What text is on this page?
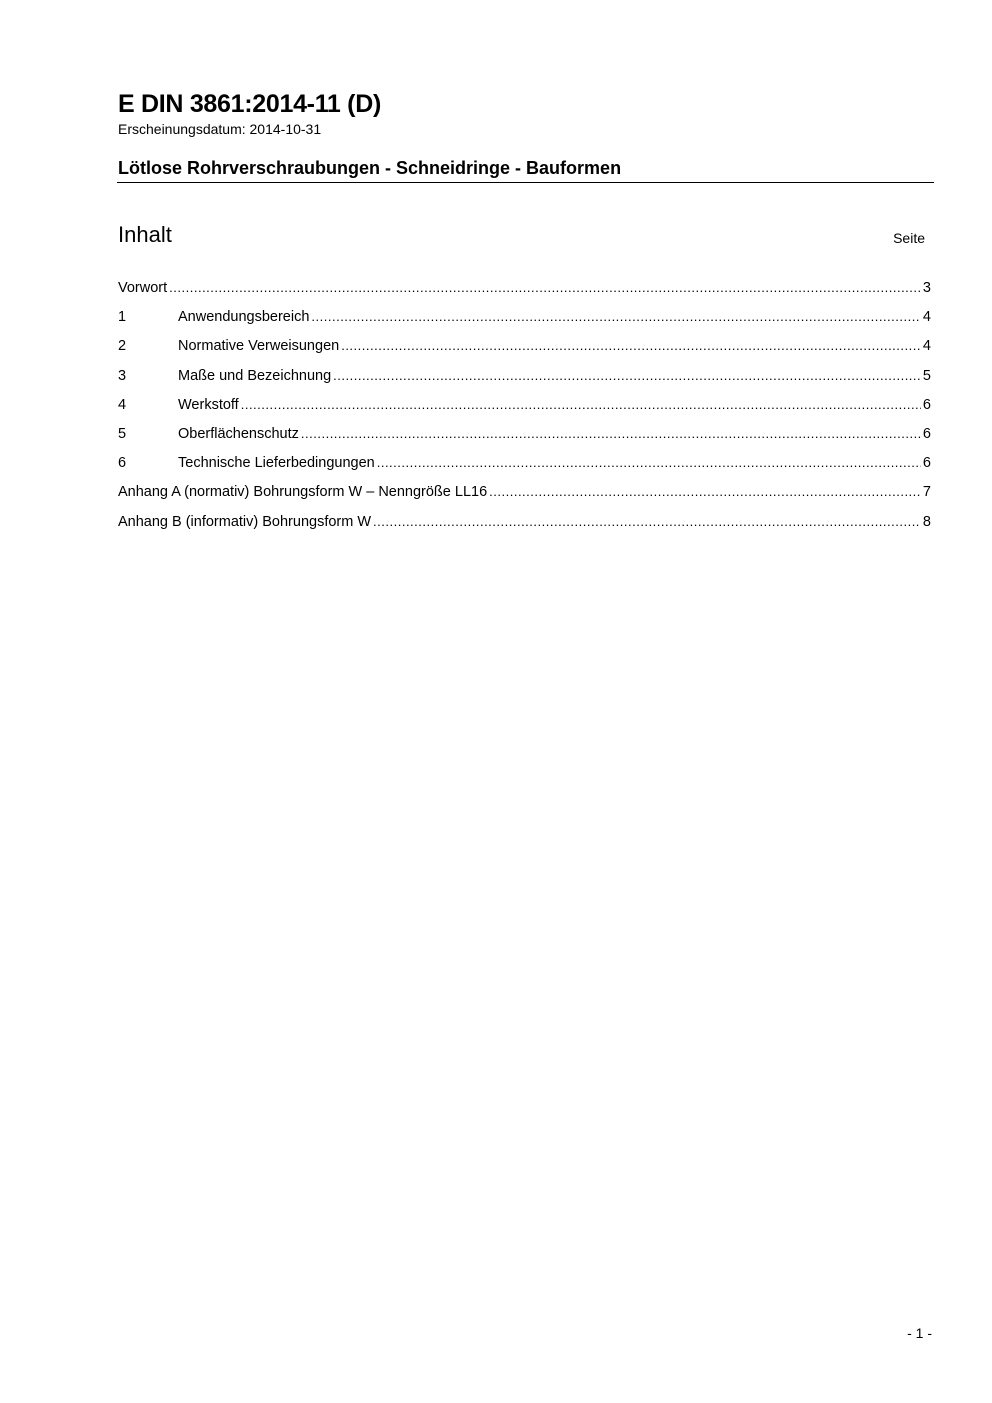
E DIN 3861:2014-11 (D)
Erscheinungsdatum: 2014-10-31
Lötlose Rohrverschraubungen - Schneidringe - Bauformen
Inhalt	Seite
Vorwort .....	3
1	Anwendungsbereich .....	4
2	Normative Verweisungen .....	4
3	Maße und Bezeichnung .....	5
4	Werkstoff .....	6
5	Oberflächenschutz .....	6
6	Technische Lieferbedingungen .....	6
Anhang A (normativ) Bohrungsform W – Nenngröße LL16 .....	7
Anhang B (informativ) Bohrungsform W .....	8
- 1 -
